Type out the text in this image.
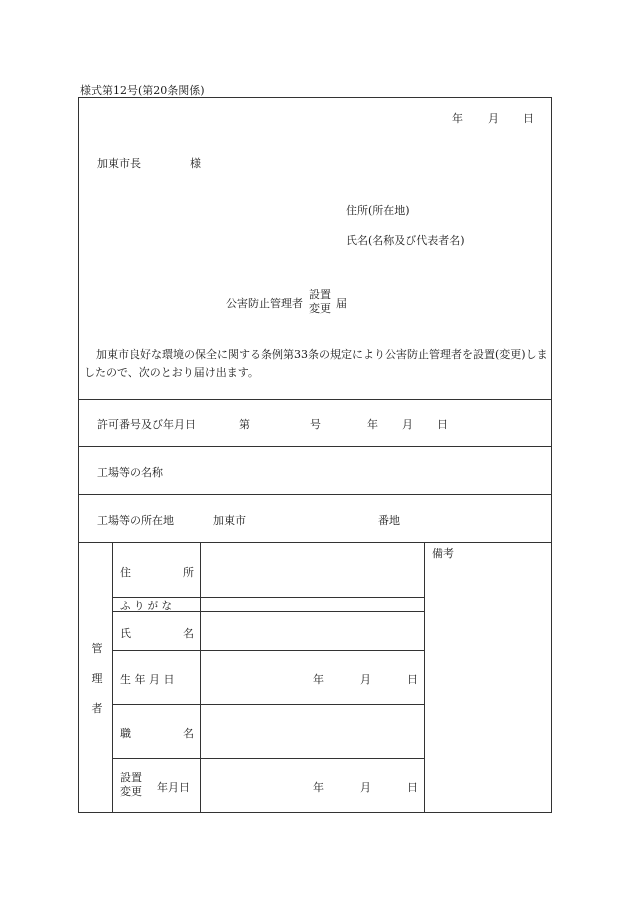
様式第12号(第20条関係)
年 月 日
加東市長	様
住所(所在地)
氏名(名称及び代表者名)
公害防止管理者
設置
変更 届
加東市良好な環境の保全に関する条例第33条の規定により公害防止管理者を設置(変更)しましたので、次のとおり届け出ます。
許可番号及び年月日	第	号	年 月 日
工場等の名称
工場等の所在地	加東市	番地
管
理
者
住	所
ふ り が な
氏	名
生 年 月 日	年	月	日
職	名
設置
変更 年月日	年	月	日
備考
